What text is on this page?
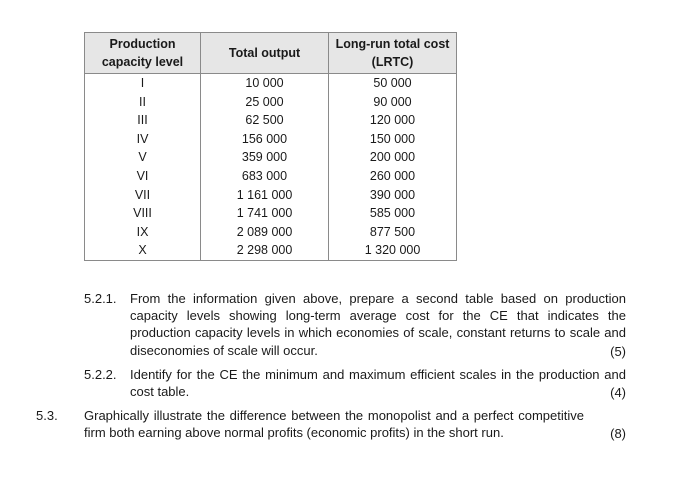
Production capacity level	Total output	Long-run total cost (LRTC)
I	10 000	50 000
II	25 000	90 000
III	62 500	120 000
IV	156 000	150 000
V	359 000	200 000
VI	683 000	260 000
VII	1 161 000	390 000
VIII	1 741 000	585 000
IX	2 089 000	877 500
X	2 298 000	1 320 000
5.2.1. From the information given above, prepare a second table based on production capacity levels showing long-term average cost for the CE that indicates the production capacity levels in which economies of scale, constant returns to scale and diseconomies of scale will occur.	(5)
5.2.2. Identify for the CE the minimum and maximum efficient scales in the production and cost table.	(4)
5.3. Graphically illustrate the difference between the monopolist and a perfect competitive firm both earning above normal profits (economic profits) in the short run.	(8)
